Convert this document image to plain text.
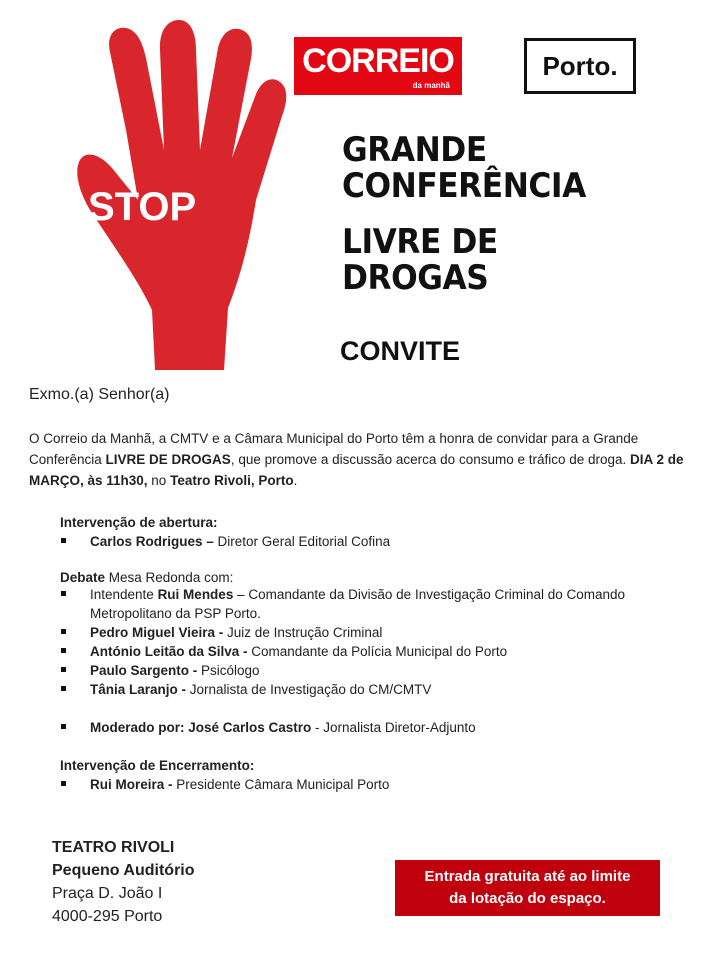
STOP
CORREIO
da manhã
Porto.
GRANDE
CONFERÊNCIA
LIVRE DE
DROGAS
CONVITE
Exmo.(a) Senhor(a)
O Correio da Manhã, a CMTV e a Câmara Municipal do Porto têm a honra de convidar para a Grande Conferência LIVRE DE DROGAS, que promove a discussão acerca do consumo e tráfico de droga. DIA 2 de MARÇO, às 11h30, no Teatro Rivoli, Porto.
Intervenção de abertura:
Carlos Rodrigues – Diretor Geral Editorial Cofina
Debate Mesa Redonda com:
Intendente Rui Mendes – Comandante da Divisão de Investigação Criminal do Comando Metropolitano da PSP Porto.
Pedro Miguel Vieira - Juiz de Instrução Criminal
António Leitão da Silva - Comandante da Polícia Municipal do Porto
Paulo Sargento - Psicólogo
Tânia Laranjo - Jornalista de Investigação do CM/CMTV
Moderado por: José Carlos Castro - Jornalista Diretor-Adjunto
Intervenção de Encerramento:
Rui Moreira - Presidente Câmara Municipal Porto
TEATRO RIVOLI
Pequeno Auditório
Praça D. João I
4000-295 Porto
Entrada gratuita até ao limite
da lotação do espaço.
